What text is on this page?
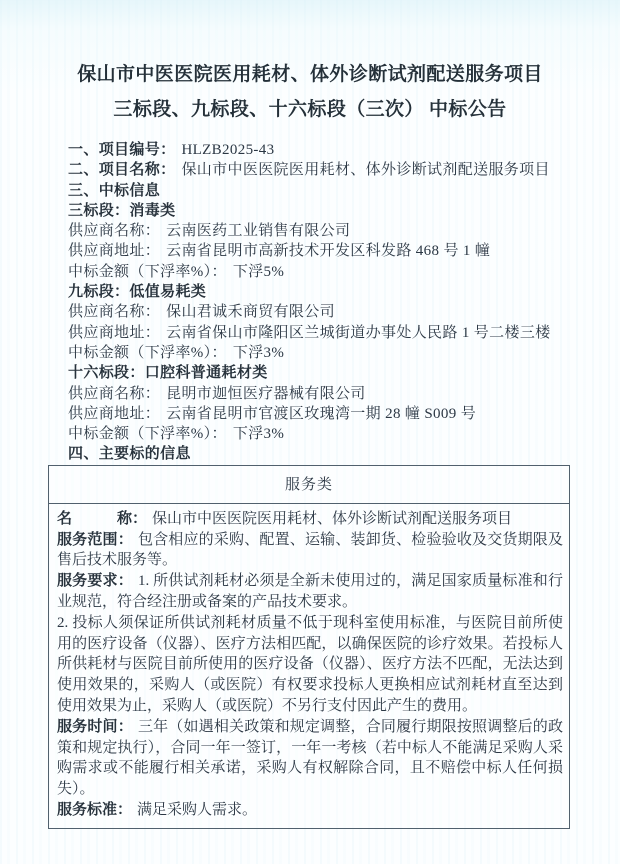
保山市中医医院医用耗材、体外诊断试剂配送服务项目
三标段、九标段、十六标段（三次） 中标公告

一、项目编号： HLZB2025-43

二、项目名称： 保山市中医医院医用耗材、体外诊断试剂配送服务项目

三、中标信息

三标段：消毒类

供应商名称： 云南医药工业销售有限公司

供应商地址： 云南省昆明市高新技术开发区科发路 468 号 1 幢

中标金额（下浮率%）： 下浮5%

九标段：低值易耗类

供应商名称： 保山君诚禾商贸有限公司

供应商地址： 云南省保山市隆阳区兰城街道办事处人民路 1 号二楼三楼

中标金额（下浮率%）： 下浮3%

十六标段：口腔科普通耗材类

供应商名称： 昆明市迦恒医疗器械有限公司

供应商地址： 云南省昆明市官渡区玫瑰湾一期 28 幢 S009 号

中标金额（下浮率%）： 下浮3%

四、主要标的信息

服务类

名　　　称： 保山市中医医院医用耗材、体外诊断试剂配送服务项目

服务范围： 包含相应的采购、配置、运输、装卸货、检验验收及交货期限及售后技术服务等。

服务要求： 1. 所供试剂耗材必须是全新未使用过的，满足国家质量标准和行业规范，符合经注册或备案的产品技术要求。

2. 投标人须保证所供试剂耗材质量不低于现科室使用标准，与医院目前所使用的医疗设备（仪器）、医疗方法相匹配，以确保医院的诊疗效果。若投标人所供耗材与医院目前所使用的医疗设备（仪器）、医疗方法不匹配，无法达到使用效果的，采购人（或医院）有权要求投标人更换相应试剂耗材直至达到使用效果为止，采购人（或医院）不另行支付因此产生的费用。

服务时间： 三年（如遇相关政策和规定调整，合同履行期限按照调整后的政策和规定执行），合同一年一签订，一年一考核（若中标人不能满足采购人采购需求或不能履行相关承诺，采购人有权解除合同，且不赔偿中标人任何损失）。

服务标准： 满足采购人需求。
